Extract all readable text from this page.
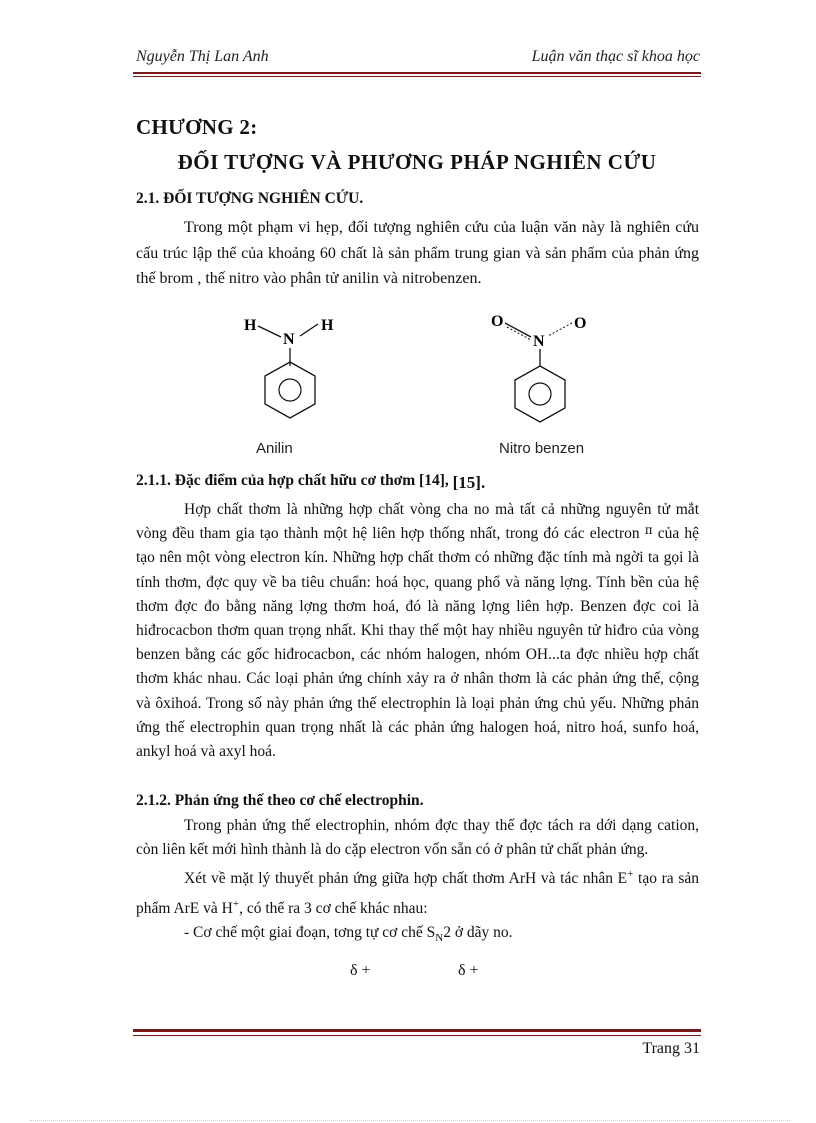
Nguyễn Thị Lan Anh	Luận văn thạc sĩ khoa học
CHƯƠNG 2:
ĐỐI TƯỢNG VÀ PHƯƠNG PHÁP NGHIÊN CỨU
2.1. ĐỐI TƯỢNG NGHIÊN CỨU.

Trong một phạm vi hẹp, đối tượng nghiên cứu của luận văn này là nghiên cứu cấu trúc lập thể của khoảng 60 chất là sản phẩm trung gian và sản phẩm của phản ứng thế brom , thế nitro vào phân tử anilin và nitrobenzen.

H	H
N
Anilin
O	O
N
Nitro benzen
2.1.1. Đặc điểm của hợp chất hữu cơ thơm [14], [15].

Hợp chất thơm là những hợp chất vòng cha no mà tất cả những nguyên tử mắt vòng đều tham gia tạo thành một hệ liên hợp thống nhất, trong đó các electron $^\pi$ của hệ tạo nên một vòng electron kín. Những hợp chất thơm có những đặc tính mà ngời ta gọi là tính thơm, đợc quy về ba tiêu chuẩn: hoá học, quang phổ và năng lợng. Tính bền của hệ thơm đợc đo bằng năng lợng thơm hoá, đó là năng lợng liên hợp. Benzen đợc coi là hiđrocacbon thơm quan trọng nhất. Khi thay thế một hay nhiều nguyên tử hiđro của vòng benzen bằng các gốc hiđrocacbon, các nhóm halogen, nhóm OH...ta đợc nhiều hợp chất thơm khác nhau. Các loại phản ứng chính xảy ra ở nhân thơm là các phản ứng thế, cộng và ôxihoá. Trong số này phản ứng thế electrophin là loại phản ứng chủ yếu. Những phản ứng thế electrophin quan trọng nhất là các phản ứng halogen hoá, nitro hoá, sunfo hoá, ankyl hoá và axyl hoá.

2.1.2. Phản ứng thế theo cơ chế electrophin.

Trong phản ứng thế electrophin, nhóm đợc thay thế đợc tách ra dới dạng cation, còn liên kết mới hình thành là do cặp electron vốn sẵn có ở phân tử chất phản ứng.

Xét về mặt lý thuyết phản ứng giữa hợp chất thơm ArH và tác nhân E+ tạo ra sản phẩm ArE và H+, có thể ra 3 cơ chế khác nhau:

- Cơ chế một giai đoạn, tơng tự cơ chế $S_N2$ ở dãy no.

δ +	δ +
Trang 31
